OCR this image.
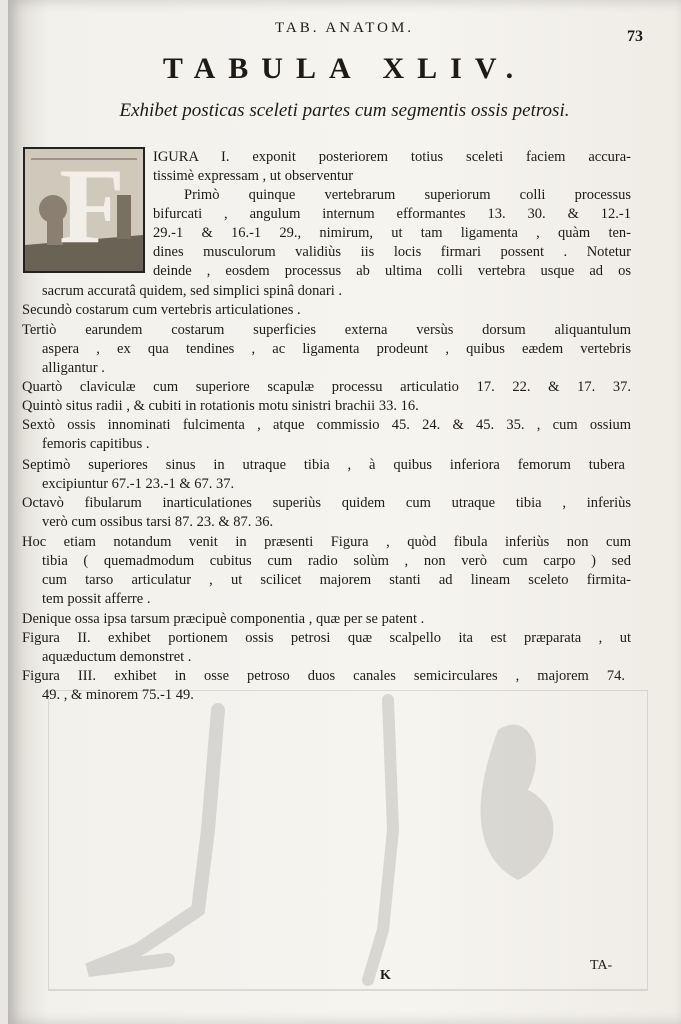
TAB. ANATOM.	73
TABULA XLIV.
Exhibet posticas sceleti partes cum segmentis ossis petrosi.
F IGURA I. exponit posteriorem totius sceleti faciem accura-
tissimè expressam , ut observentur
Primò quinque vertebrarum superiorum colli processus
bifurcati , angulum internum efformantes 13. 30. & 12.-1
29.-1 & 16.-1 29., nimirum, ut tam ligamenta , quàm ten-
dines musculorum validiùs iis locis firmari possent . Notetur
deinde , eosdem processus ab ultima colli vertebra usque ad os
sacrum accuratâ quidem, sed simplici spinâ donari .
Secundò costarum cum vertebris articulationes .
Tertiò earundem costarum superficies externa versùs dorsum aliquantulum
aspera , ex qua tendines , ac ligamenta prodeunt , quibus eædem vertebris
alligantur .
Quartò claviculæ cum superiore scapulæ processu articulatio 17. 22. & 17. 37.
Quintò situs radii , & cubiti in rotationis motu sinistri brachii 33. 16.
Sextò ossis innominati fulcimenta , atque commissio 45. 24. & 45. 35. , cum ossium
femoris capitibus .
Septimò superiores sinus in utraque tibia , à quibus inferiora femorum tubera
excipiuntur 67.-1 23.-1 & 67. 37.
Octavò fibularum inarticulationes superiùs quidem cum utraque tibia , inferiùs
verò cum ossibus tarsi 87. 23. & 87. 36.
Hoc etiam notandum venit in præsenti Figura , quòd fibula inferiùs non cum
tibia ( quemadmodum cubitus cum radio solùm , non verò cum carpo ) sed
cum tarso articulatur , ut scilicet majorem stanti ad lineam sceleto firmita-
tem possit afferre .
Denique ossa ipsa tarsum præcipuè componentia , quæ per se patent .
Figura II. exhibet portionem ossis petrosi quæ scalpello ita est præparata , ut
aquæductum demonstret .
Figura III. exhibet in osse petroso duos canales semicirculares , majorem 74.
49. , & minorem 75.-1 49.
K
TA-
